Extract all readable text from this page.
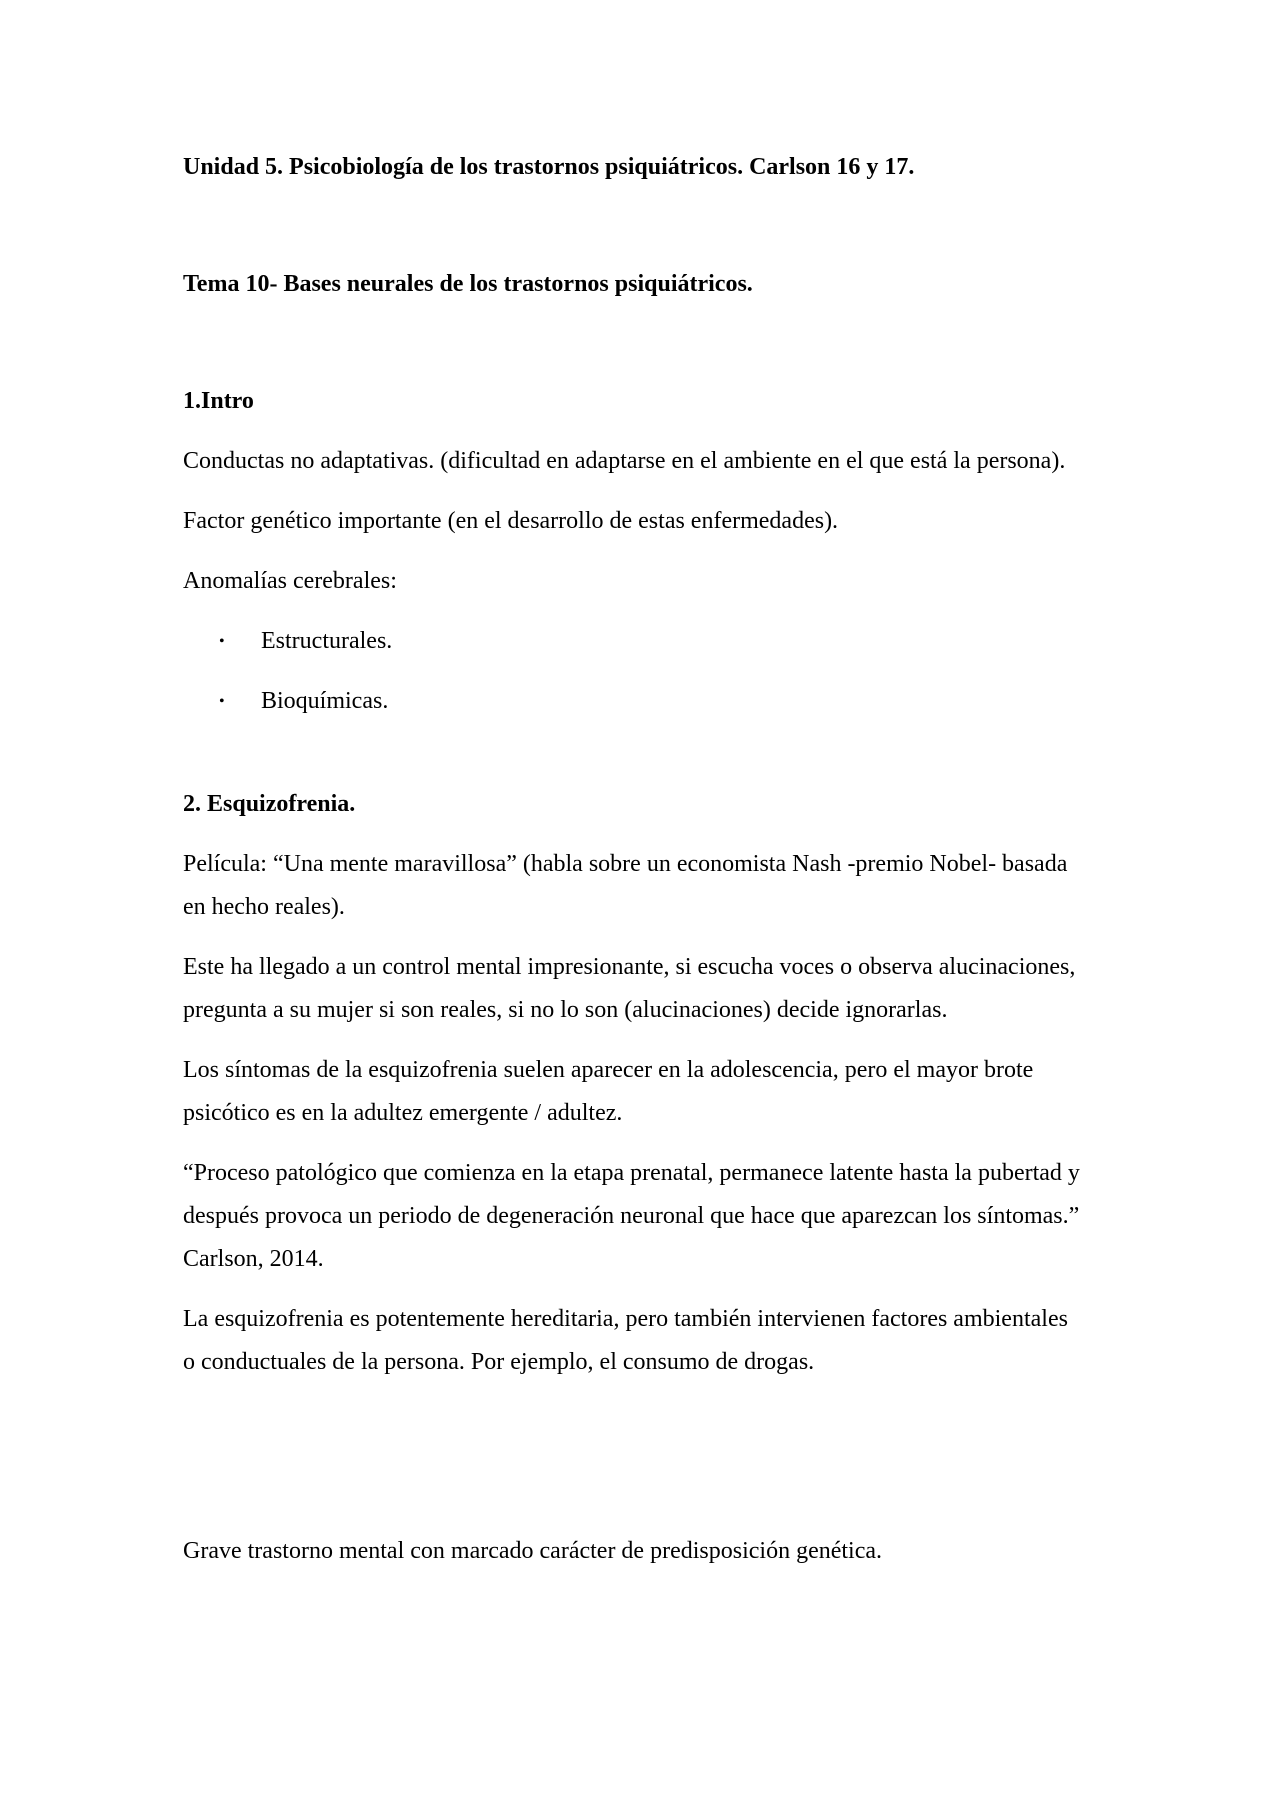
Unidad 5. Psicobiología de los trastornos psiquiátricos. Carlson 16 y 17.
Tema 10- Bases neurales de los trastornos psiquiátricos.
1.Intro

Conductas no adaptativas. (dificultad en adaptarse en el ambiente en el que está la persona).

Factor genético importante (en el desarrollo de estas enfermedades).

Anomalías cerebrales:

• Estructurales.
• Bioquímicas.
2. Esquizofrenia.

Película: “Una mente maravillosa” (habla sobre un economista Nash -premio Nobel- basada en hecho reales).

Este ha llegado a un control mental impresionante, si escucha voces o observa alucinaciones, pregunta a su mujer si son reales, si no lo son (alucinaciones) decide ignorarlas.

Los síntomas de la esquizofrenia suelen aparecer en la adolescencia, pero el mayor brote psicótico es en la adultez emergente / adultez.

“Proceso patológico que comienza en la etapa prenatal, permanece latente hasta la pubertad y después provoca un periodo de degeneración neuronal que hace que aparezcan los síntomas.” Carlson, 2014.

La esquizofrenia es potentemente hereditaria, pero también intervienen factores ambientales o conductuales de la persona. Por ejemplo, el consumo de drogas.

Grave trastorno mental con marcado carácter de predisposición genética.
